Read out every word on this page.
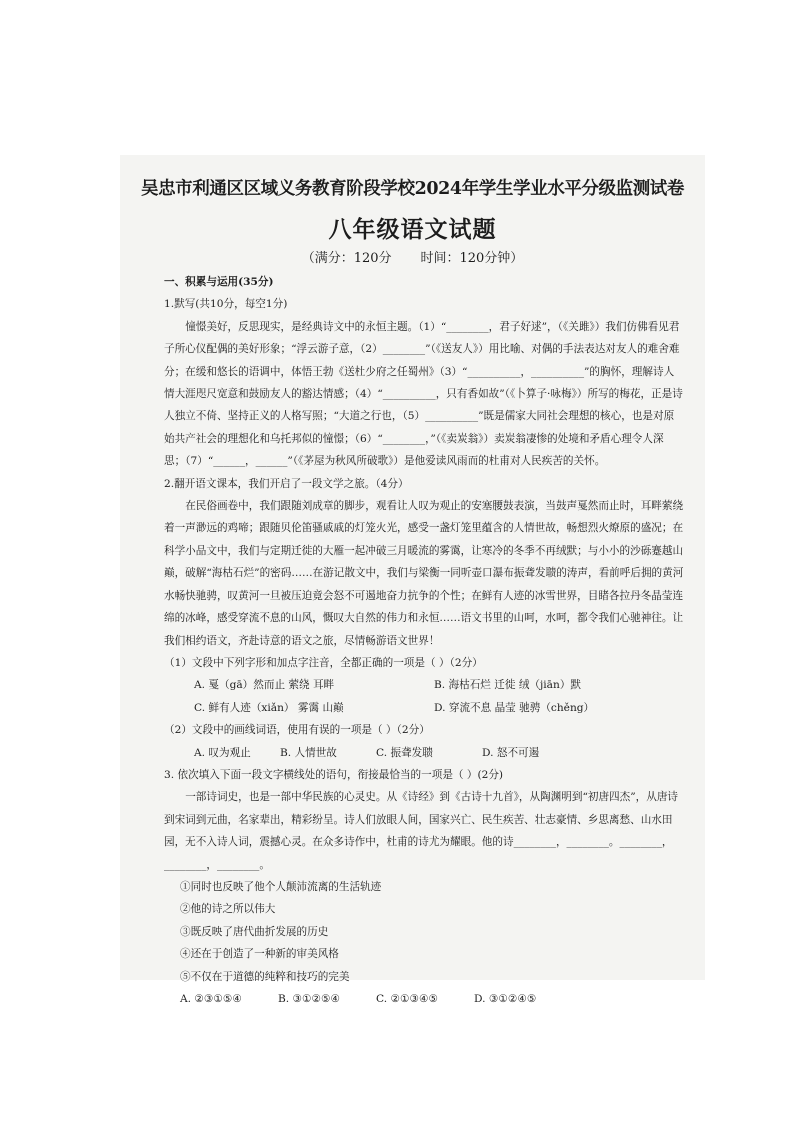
吴忠市利通区区域义务教育阶段学校2024年学生学业水平分级监测试卷
八年级语文试题
（满分：120分       时间：120分钟）

一、积累与运用(35分)

1.默写(共10分，每空1分)

憧憬美好，反思现实，是经典诗文中的永恒主题。（1）“________，君子好逑”，（《关雎》）我们仿佛看见君子所心仪配偶的美好形象；“浮云游子意，（2）________”（《送友人》）用比喻、对偶的手法表达对友人的难舍难分；在缓和悠长的语调中，体悟王勃《送杜少府之任蜀州》（3）“__________，__________”的胸怀，理解诗人情大涯咫尺宽意和鼓励友人的豁达情感；（4）“__________，只有香如故”（《卜算子·咏梅》）所写的梅花，正是诗人独立不倚、坚持正义的人格写照；“大道之行也，（5）__________”既是儒家大同社会理想的核心，也是对原始共产社会的理想化和乌托邦似的憧憬；（6）“________，”（《卖炭翁》）卖炭翁凄惨的处境和矛盾心理令人深思；（7）“______，______”（《茅屋为秋风所破歌》）是他爱读风雨而的杜甫对人民疾苦的关怀。

2.翻开语文课本，我们开启了一段文学之旅。（4分）

在民俗画卷中，我们跟随刘成章的脚步，观看让人叹为观止的安塞腰鼓表演，当鼓声戛然而止时，耳畔萦绕着一声渺远的鸡啼；跟随贝伦笛骚戚戚的灯笼火光，感受一盏灯笼里蕴含的人情世故，畅想烈火燎原的盛况；在科学小品文中，我们与定期迁徙的大雁一起冲破三月暖流的雾霭，让寒冷的冬季不再绒默；与小小的沙砾蹇越山巅，破解“海枯石烂”的密码……在游记散文中，我们与梁衡一同听壶口瀑布振聋发聩的涛声，看前呼后拥的黄河水畅快驰骋，叹黄河一旦被压迫竟会怒不可遏地奋力抗争的个性；在鲜有人迹的冰雪世界，目睹各拉丹冬晶莹连绵的冰峰，感受穿流不息的山风，慨叹大自然的伟力和永恒……语文书里的山呵，水呵，都令我们心驰神往。让我们相约语文，齐赴诗意的语文之旅，尽情畅游语文世界！

（1）文段中下列字形和加点字注音，全都正确的一项是（ ）（2分）

A. 戛（gā）然而止 萦绕 耳畔	B. 海枯石烂 迁徙 绒（jiān）默

C. 鲜有人迹（xiǎn） 雾霭 山巅	D. 穿流不息 晶莹 驰骋（chěng）

（2）文段中的画线词语，使用有误的一项是（ ）（2分）

A. 叹为观止	B. 人情世故	C. 振聋发聩	D. 怒不可遏

3. 依次填入下面一段文字横线处的语句，衔接最恰当的一项是（ ）(2分)

一部诗词史，也是一部中华民族的心灵史。从《诗经》到《古诗十九首》，从陶渊明到“初唐四杰”，从唐诗到宋词到元曲，名家辈出，精彩纷呈。诗人们放眼人间，国家兴亡、民生疾苦、壮志豪情、乡思离愁、山水田园，无不入诗人词，震撼心灵。在众多诗作中，杜甫的诗尤为耀眼。他的诗________，________。________，________，________。

①同时也反映了他个人颠沛流离的生活轨迹

②他的诗之所以伟大

③既反映了唐代曲折发展的历史

④还在于创造了一种新的审美风格

⑤不仅在于道德的纯粹和技巧的完美

A. ②③①⑤④	B. ③①②⑤④	C. ②①③④⑤	D. ③①②④⑤
